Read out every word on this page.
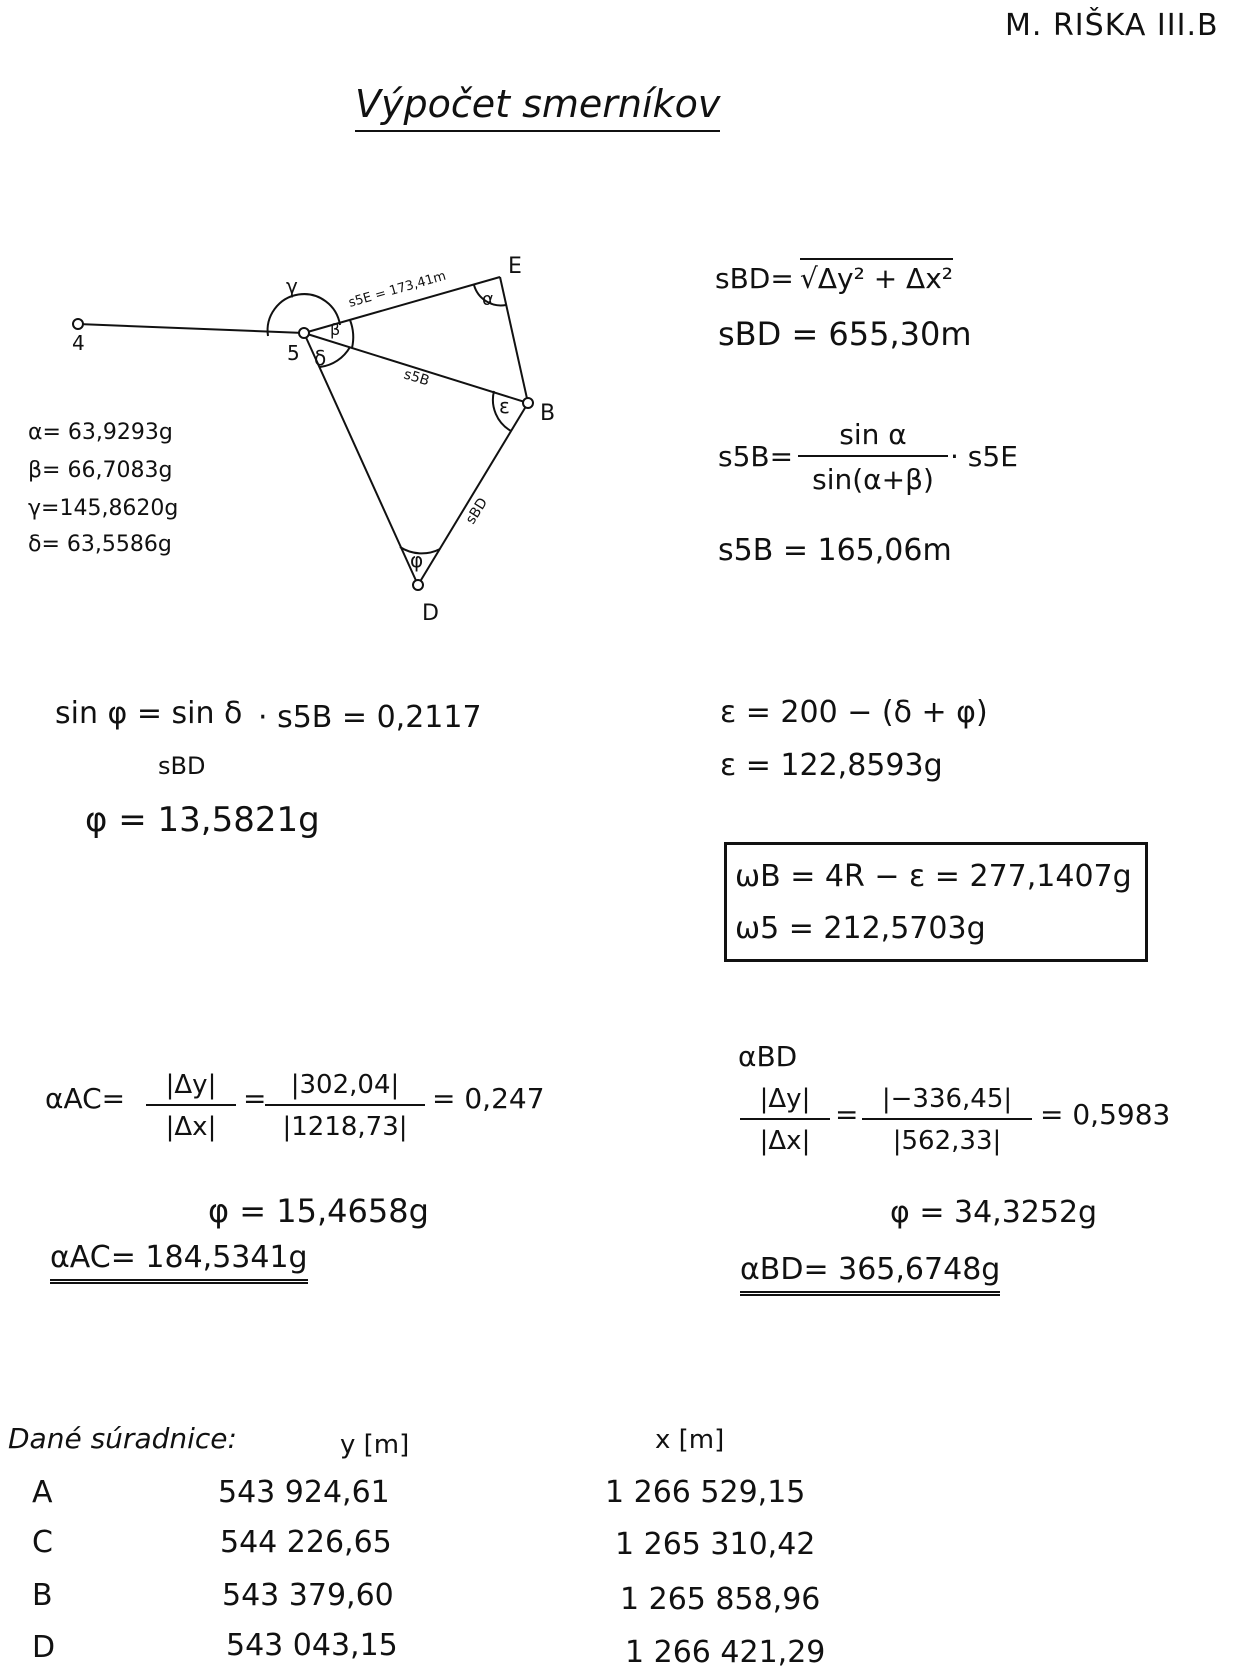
M. RIŠKA III.B
Výpočet smerníkov
4	5
E
B
D
γ
β
δ
α
ε
φ
s5E = 173,41m
s5B
sBD
α= 63,9293g
β= 66,7083g
γ=145,8620g
δ= 63,5586g
sBD= √Δy² + Δx²
sBD = 655,30m
$s5B= \frac{\text{sin α}}{\sin(\alpha+\beta)} \cdot s5E$
s5B = 165,06m
sin φ = sin δ · s5B = 0,2117
sBD
φ = 13,5821g
ε = 200 − (δ + φ)
ε = 122,8593g
ωB = 4R − ε = 277,1407g
ω5 = 212,5703g
$\alpha AC= \frac{|\Delta y|}{|\Delta x|}$ =
$\frac{|302,04|}{|1218,73|} = 0,247$
φ = 15,4658g
αAC= 184,5341g
αBD
$\frac{|\Delta y|}{|\Delta x|} = \frac{|-336,45|}{|562,33|} = 0,5983$
φ = 34,3252g
αBD= 365,6748g
Dané súradnice:	y [m]	x [m]
A	543 924,61	1 266 529,15
C	544 226,65	1 265 310,42
B	543 379,60	1 265 858,96
D	543 043,15	1 266 421,29
